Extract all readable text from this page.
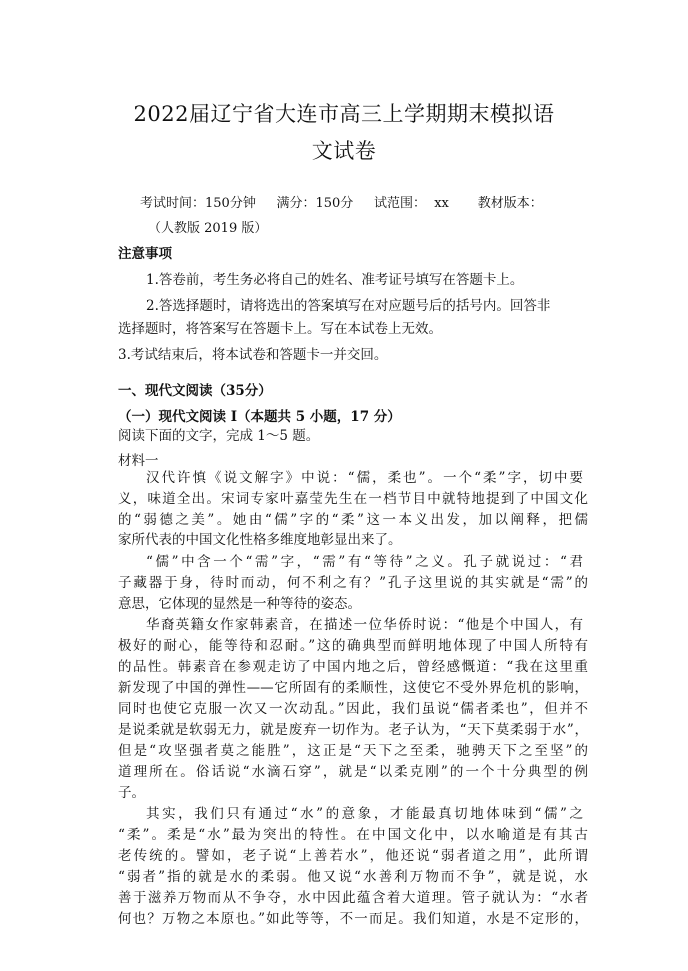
2022届辽宁省大连市高三上学期期末模拟语
文试卷
考试时间：150分钟     满分：150分     试范围：  xx       教材版本：
（人教版 2019 版）
注意事项
1.答卷前，考生务必将自己的姓名、准考证号填写在答题卡上。
2.答选择题时，请将选出的答案填写在对应题号后的括号内。回答非
选择题时，将答案写在答题卡上。写在本试卷上无效。
3.考试结束后，将本试卷和答题卡一并交回。
一、现代文阅读（35分）
（一）现代文阅读 I（本题共 5 小题，17 分）
阅读下面的文字，完成 1～5 题。
材料一
汉代许慎《说文解字》中说：“儒，柔也”。一个“柔”字，切中要
义，味道全出。宋词专家叶嘉莹先生在一档节目中就特地提到了中国文化
的“弱德之美”。她由“儒”字的“柔”这一本义出发，加以阐释，把儒
家所代表的中国文化性格多维度地彰显出来了。
“儒”中含一个“需”字，“需”有“等待”之义。孔子就说过：“君
子藏器于身，待时而动，何不利之有？”孔子这里说的其实就是“需”的
意思，它体现的显然是一种等待的姿态。
华裔英籍女作家韩素音，在描述一位华侨时说：“他是个中国人，有
极好的耐心，能等待和忍耐。”这的确典型而鲜明地体现了中国人所特有
的品性。韩素音在参观走访了中国内地之后，曾经感慨道：“我在这里重
新发现了中国的弹性——它所固有的柔顺性，这使它不受外界危机的影响，
同时也使它克服一次又一次动乱。”因此，我们虽说“儒者柔也”，但并不
是说柔就是软弱无力，就是废弃一切作为。老子认为，“天下莫柔弱于水”，
但是“攻坚强者莫之能胜”，这正是“天下之至柔，驰骋天下之至坚”的
道理所在。俗话说“水滴石穿”，就是“以柔克刚”的一个十分典型的例
子。
其实，我们只有通过“水”的意象，才能最真切地体味到“儒”之
“柔”。柔是“水”最为突出的特性。在中国文化中，以水喻道是有其古
老传统的。譬如，老子说“上善若水”，他还说“弱者道之用”，此所谓
“弱者”指的就是水的柔弱。他又说“水善利万物而不争”，就是说，水
善于滋养万物而从不争夺，水中因此蕴含着大道理。管子就认为：“水者
何也？万物之本原也。”如此等等，不一而足。我们知道，水是不定形的，
